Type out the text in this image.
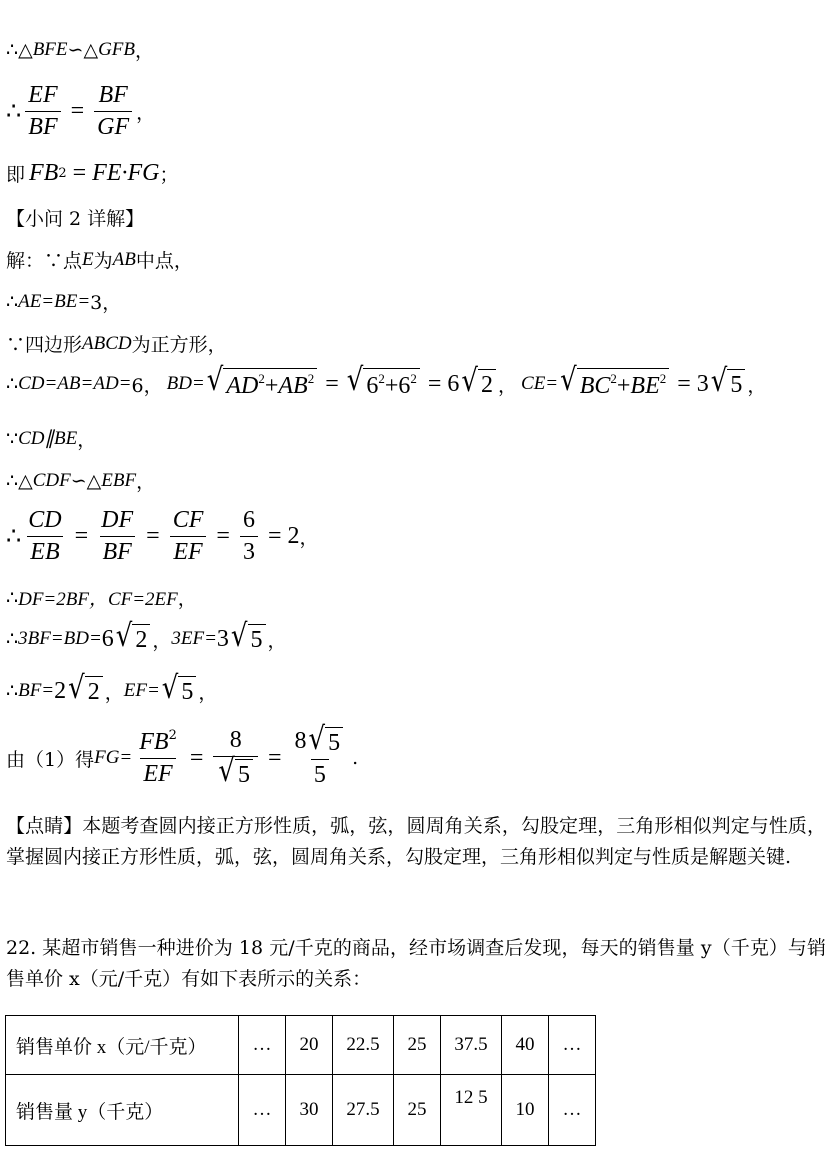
∴△ BFE ∽△ GFB ，
∴ $\frac{EF}{BF} = \frac{BF}{GF}$ ，
即 FB 2 = FE·FG ；
【小问 2 详解】
解：∵点 E 为 AB 中点，
∴ AE=BE= 3，
∵四边形 ABCD 为正方形，
∴ CD=AB=AD= 6， BD= √ $AD^2+AB^2$ = √ $6^2+6^2 = 6$ √ 2 ， CE= √ $BC^2+BE^2 = 3$ √ 5 ，
∵ CD∥BE ，
∴△ CDF ∽△ EBF ，
∴ $\frac{CD}{EB} = \frac{DF}{BF} = \frac{CF}{EF} = \frac{6}{3} = 2$ ，
∴ DF=2BF，CF=2EF ，
∴ 3BF=BD= 6 √ 2 ， 3EF= 3 √ 5 ，
∴ BF= 2 √ 2 ， EF= √ 5 ，
由（1）得 $FG= \frac{FB^2}{EF} = \frac{8}{√ 5} = \frac{8 √ 5}{5}$ .
【点睛】本题考查圆内接正方形性质，弧，弦，圆周角关系，勾股定理，三角形相似判定与性质，掌握圆内接正方形性质，弧，弦，圆周角关系，勾股定理，三角形相似判定与性质是解题关键.
22. 某超市销售一种进价为 18 元/千克的商品，经市场调查后发现，每天的销售量 y（千克）与销售单价 x（元/千克）有如下表所示的关系：
销售单价 x（元/千克）	…	20	22.5	25	37.5	40	…
销售量 y（千克）	…	30	27.5	25	12 5	10	…
